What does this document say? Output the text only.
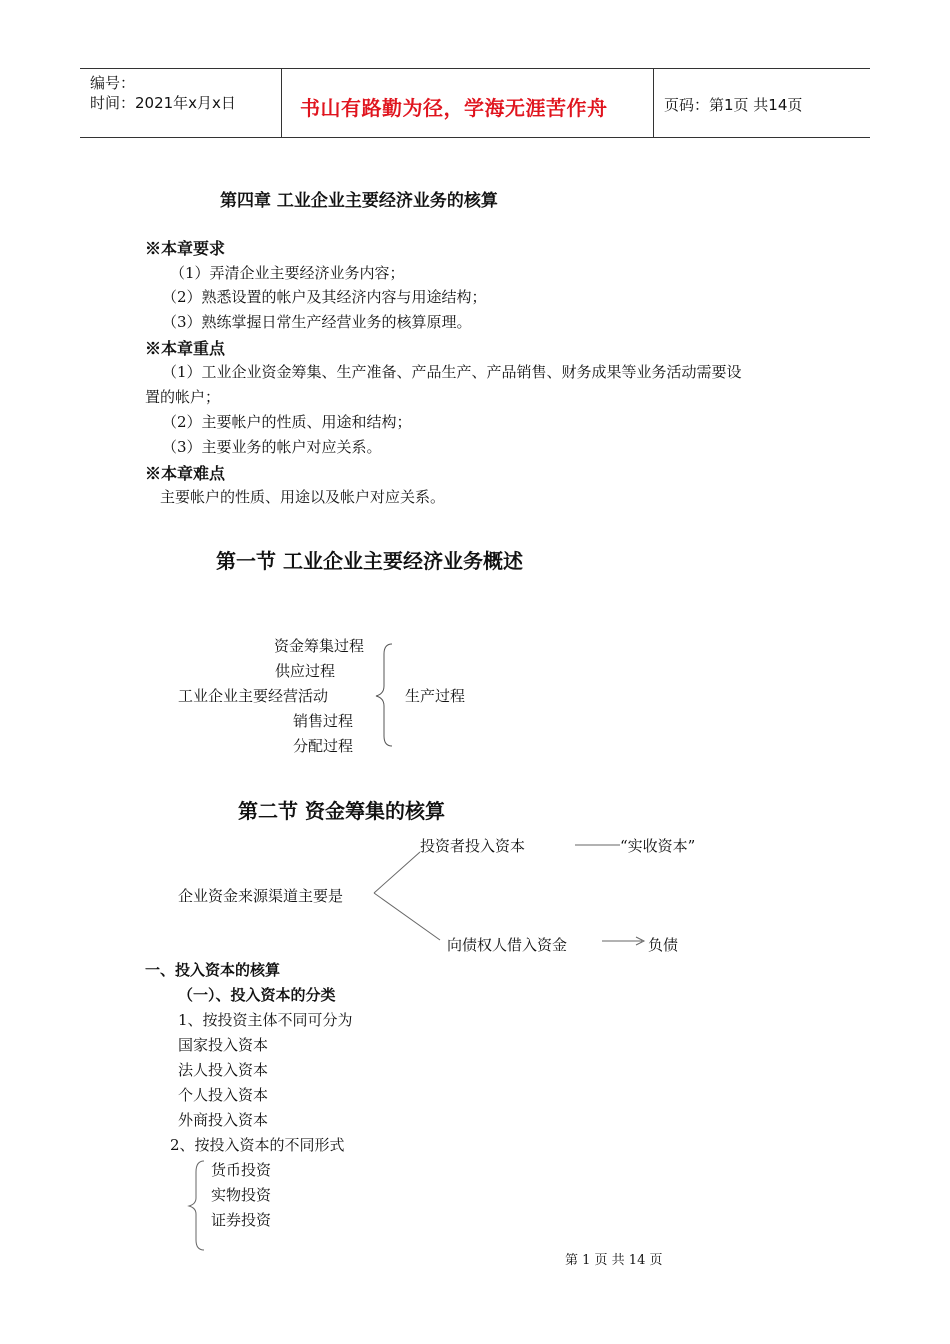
编号：
时间：2021年x月x日	书山有路勤为径，学海无涯苦作舟	页码：第1页 共14页
第四章 工业企业主要经济业务的核算
※本章要求
（1）弄清企业主要经济业务内容；
（2）熟悉设置的帐户及其经济内容与用途结构；
（3）熟练掌握日常生产经营业务的核算原理。
※本章重点
（1）工业企业资金筹集、生产准备、产品生产、产品销售、财务成果等业务活动需要设
置的帐户；
（2）主要帐户的性质、用途和结构；
（3）主要业务的帐户对应关系。
※本章难点
主要帐户的性质、用途以及帐户对应关系。
第一节 工业企业主要经济业务概述
资金筹集过程
供应过程
工业企业主要经营活动	生产过程
销售过程
分配过程
第二节 资金筹集的核算
投资者投入资本	“实收资本”
企业资金来源渠道主要是
向债权人借入资金	负债
一、投入资本的核算
（一）、投入资本的分类
1、按投资主体不同可分为
国家投入资本
法人投入资本
个人投入资本
外商投入资本
2、按投入资本的不同形式
货币投资
实物投资
证券投资
第 1 页 共 14 页
